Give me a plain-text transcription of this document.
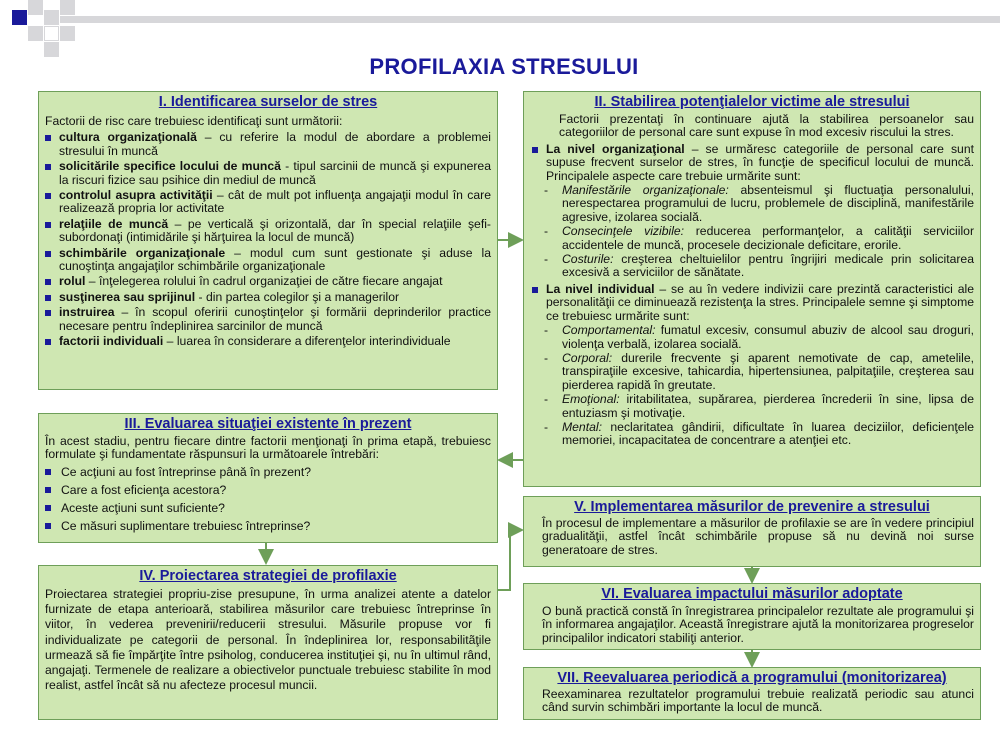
PROFILAXIA STRESULUI
I. Identificarea surselor de stres

Factorii de risc care trebuiesc identificaţi sunt următorii:

cultura organizaţională – cu referire la modul de abordare a problemei stresului în muncă
solicitările specifice locului de muncă - tipul sarcinii de muncă şi expunerea la riscuri fizice sau psihice din mediul de muncă
controlul asupra activităţii – cât de mult pot influenţa angajaţii modul în care realizează propria lor activitate
relaţiile de muncă – pe verticală şi orizontală, dar în special relaţiile şefi-subordonaţi (intimidările şi hărţuirea la locul de muncă)
schimbările organizaţionale – modul cum sunt gestionate şi aduse la cunoştinţa angajaţilor schimbările organizaţionale
rolul – înţelegerea rolului în cadrul organizaţiei de către fiecare angajat
susţinerea sau sprijinul - din partea colegilor şi a managerilor
instruirea – în scopul oferirii cunoştinţelor şi formării deprinderilor practice necesare pentru îndeplinirea sarcinilor de muncă
factorii individuali – luarea în considerare a diferenţelor interindividuale
III. Evaluarea situaţiei existente în prezent

În acest stadiu, pentru fiecare dintre factorii menţionaţi în prima etapă, trebuiesc formulate şi fundamentate răspunsuri la următoarele întrebări:

Ce acţiuni au fost întreprinse până în prezent?
Care a fost eficienţa acestora?
Aceste acţiuni sunt suficiente?
Ce măsuri suplimentare trebuiesc întreprinse?
IV. Proiectarea strategiei de profilaxie

Proiectarea strategiei propriu-zise presupune, în urma analizei atente a datelor furnizate de etapa anterioară, stabilirea măsurilor care trebuiesc întreprinse în viitor, în vederea prevenirii/reducerii stresului. Măsurile propuse vor fi individualizate pe categorii de personal. În îndeplinirea lor, responsabilitãţile urmează să fie împărţite între psiholog, conducerea instituţiei şi, nu în ultimul rând, angajaţi. Termenele de realizare a obiectivelor punctuale trebuiesc stabilite în mod realist, astfel încât să nu afecteze procesul muncii.

II. Stabilirea potenţialelor victime ale stresului

Factorii prezentaţi în continuare ajută la stabilirea persoanelor sau categoriilor de personal care sunt expuse în mod excesiv riscului la stres.

La nivel organizaţional – se urmăresc categoriile de personal care sunt supuse frecvent surselor de stres, în funcţie de specificul locului de muncă. Principalele aspecte care trebuie urmărite sunt:
- Manifestările organizaţionale: absenteismul şi fluctuaţia personalului, nerespectarea programului de lucru, problemele de disciplină, manifestările agresive, izolarea socială.
- Consecinţele vizibile: reducerea performanţelor, a calităţii serviciilor accidentele de muncă, procesele decizionale deficitare, erorile.
- Costurile: creşterea cheltuielilor pentru îngrijiri medicale prin solicitarea excesivă a serviciilor de sănătate.
La nivel individual – se au în vedere indivizii care prezintă caracteristici ale personalităţii ce diminuează rezistenţa la stres. Principalele semne şi simptome ce trebuiesc urmărite sunt:
- Comportamental: fumatul excesiv, consumul abuziv de alcool sau droguri, violenţa verbală, izolarea socială.
- Corporal: durerile frecvente şi aparent nemotivate de cap, ametelile, transpiraţiile excesive, tahicardia, hipertensiunea, palpitaţiile, creşterea sau pierderea rapidă în greutate.
- Emoţional: iritabilitatea, supărarea, pierderea încrederii în sine, lipsa de entuziasm şi motivaţie.
- Mental: neclaritatea gândirii, dificultate în luarea deciziilor, deficienţele memoriei, incapacitatea de concentrare a atenţiei etc.
V. Implementarea măsurilor de prevenire a stresului

În procesul de implementare a măsurilor de profilaxie se are în vedere principiul gradualităţii, astfel încât schimbările propuse să nu devină noi surse generatoare de stres.

VI. Evaluarea impactului măsurilor adoptate

O bună practică constă în înregistrarea principalelor rezultate ale programului şi în informarea angajaţilor. Această înregistrare ajută la monitorizarea progreselor principalilor indicatori stabiliţi anterior.

VII. Reevaluarea periodică a programului (monitorizarea)

Reexaminarea rezultatelor programului trebuie realizată periodic sau atunci când survin schimbări importante la locul de muncă.
